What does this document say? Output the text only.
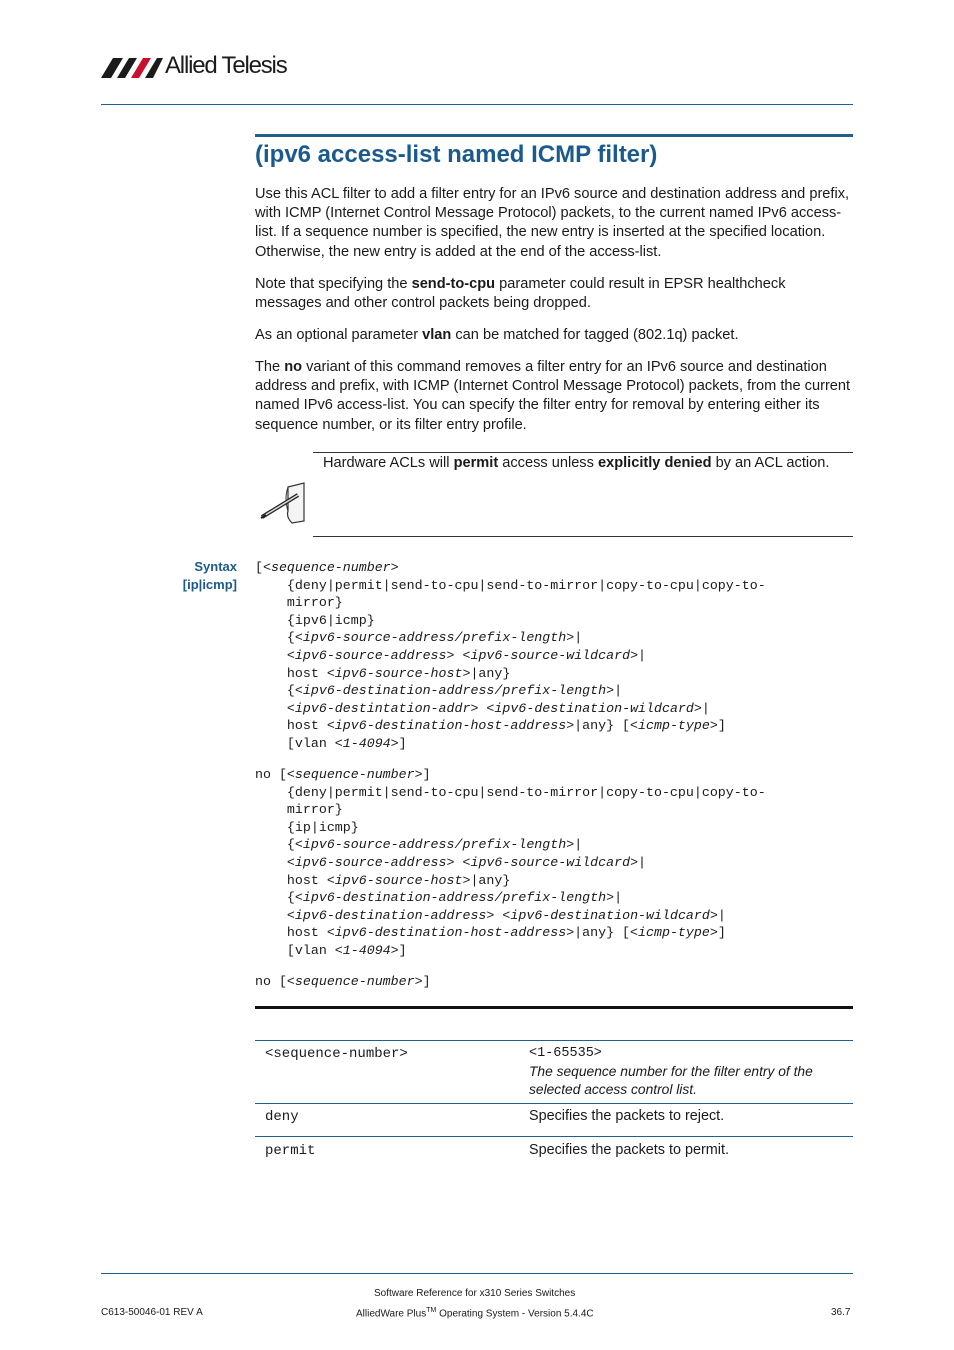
Allied Telesis
(ipv6 access-list named ICMP filter)
Use this ACL filter to add a filter entry for an IPv6 source and destination address and prefix, with ICMP (Internet Control Message Protocol) packets, to the current named IPv6 access-list. If a sequence number is specified, the new entry is inserted at the specified location. Otherwise, the new entry is added at the end of the access-list.
Note that specifying the send-to-cpu parameter could result in EPSR healthcheck messages and other control packets being dropped.
As an optional parameter vlan can be matched for tagged (802.1q) packet.
The no variant of this command removes a filter entry for an IPv6 source and destination address and prefix, with ICMP (Internet Control Message Protocol) packets, from the current named IPv6 access-list. You can specify the filter entry for removal by entering either its sequence number, or its filter entry profile.
Hardware ACLs will permit access unless explicitly denied by an ACL action.
Syntax
[ip|icmp]
[<sequence-number>
{deny|permit|send-to-cpu|send-to-mirror|copy-to-cpu|copy-to-
mirror}
{ipv6|icmp}
{<ipv6-source-address/prefix-length>|
<ipv6-source-address> <ipv6-source-wildcard>|
host <ipv6-source-host>|any}
{<ipv6-destination-address/prefix-length>|
<ipv6-destintation-addr> <ipv6-destination-wildcard>|
host <ipv6-destination-host-address>|any} [<icmp-type>]
[vlan <1-4094>]
no [<sequence-number>]
{deny|permit|send-to-cpu|send-to-mirror|copy-to-cpu|copy-to-
mirror}
{ip|icmp}
{<ipv6-source-address/prefix-length>|
<ipv6-source-address> <ipv6-source-wildcard>|
host <ipv6-source-host>|any}
{<ipv6-destination-address/prefix-length>|
<ipv6-destination-address> <ipv6-destination-wildcard>|
host <ipv6-destination-host-address>|any} [<icmp-type>]
[vlan <1-4094>]
no [<sequence-number>]
<sequence-number>	<1-65535>
The sequence number for the filter entry of the selected access control list.
deny	Specifies the packets to reject.
permit	Specifies the packets to permit.
Software Reference for x310 Series Switches
AlliedWare Plus™ Operating System - Version 5.4.4C
C613-50046-01 REV A	36.7
